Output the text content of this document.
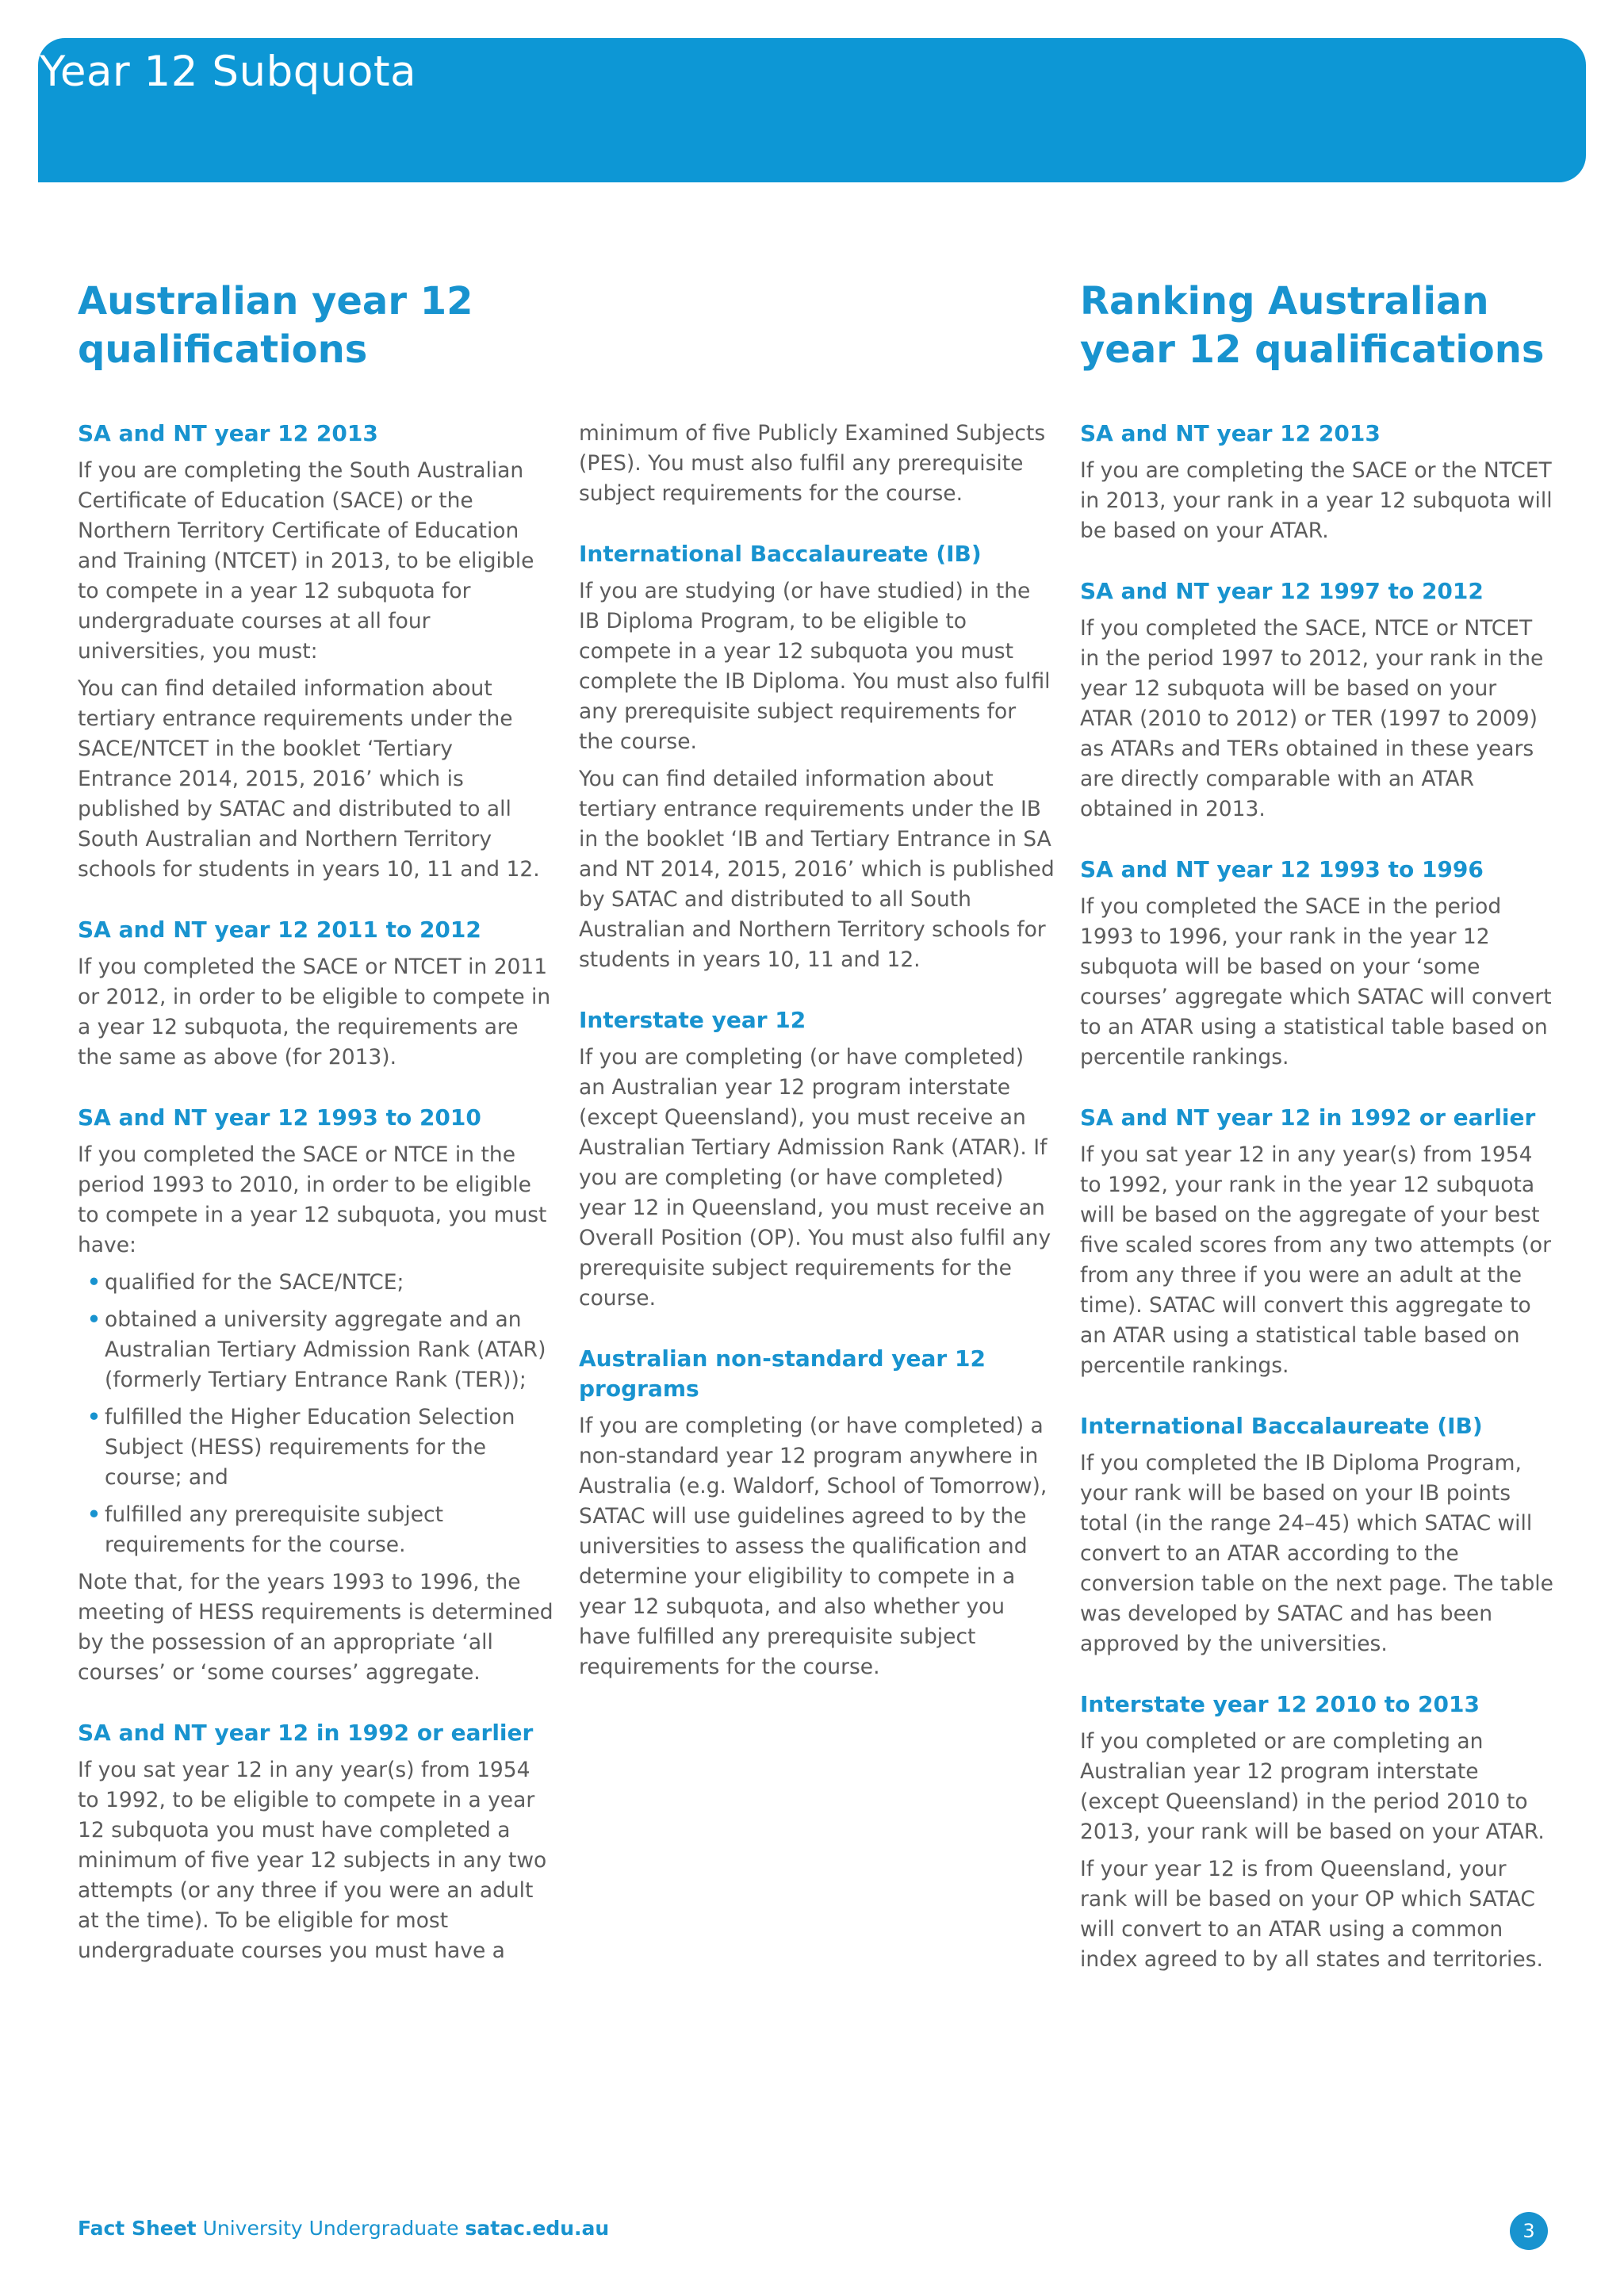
Year 12 Subquota
Australian year 12
qualifications
Ranking Australian
year 12 qualifications
SA and NT year 12 2013

If you are completing the South Australian Certificate of Education (SACE) or the Northern Territory Certificate of Education and Training (NTCET) in 2013, to be eligible to compete in a year 12 subquota for undergraduate courses at all four universities, you must:

You can find detailed information about tertiary entrance requirements under the SACE/NTCET in the booklet ‘Tertiary Entrance 2014, 2015, 2016’ which is published by SATAC and distributed to all South Australian and Northern Territory schools for students in years 10, 11 and 12.

SA and NT year 12 2011 to 2012

If you completed the SACE or NTCET in 2011 or 2012, in order to be eligible to compete in a year 12 subquota, the requirements are the same as above (for 2013).

SA and NT year 12 1993 to 2010

If you completed the SACE or NTCE in the period 1993 to 2010, in order to be eligible to compete in a year 12 subquota, you must have:

• qualified for the SACE/NTCE;
• obtained a university aggregate and an Australian Tertiary Admission Rank (ATAR) (formerly Tertiary Entrance Rank (TER));
• fulfilled the Higher Education Selection Subject (HESS) requirements for the course; and
• fulfilled any prerequisite subject requirements for the course.

Note that, for the years 1993 to 1996, the meeting of HESS requirements is determined by the possession of an appropriate ‘all courses’ or ‘some courses’ aggregate.

SA and NT year 12 in 1992 or earlier

If you sat year 12 in any year(s) from 1954 to 1992, to be eligible to compete in a year 12 subquota you must have completed a minimum of five year 12 subjects in any two attempts (or any three if you were an adult at the time). To be eligible for most undergraduate courses you must have a

minimum of five Publicly Examined Subjects (PES). You must also fulfil any prerequisite subject requirements for the course.

International Baccalaureate (IB)

If you are studying (or have studied) in the IB Diploma Program, to be eligible to compete in a year 12 subquota you must complete the IB Diploma. You must also fulfil any prerequisite subject requirements for the course.

You can find detailed information about tertiary entrance requirements under the IB in the booklet ‘IB and Tertiary Entrance in SA and NT 2014, 2015, 2016’ which is published by SATAC and distributed to all South Australian and Northern Territory schools for students in years 10, 11 and 12.

Interstate year 12

If you are completing (or have completed) an Australian year 12 program interstate (except Queensland), you must receive an Australian Tertiary Admission Rank (ATAR). If you are completing (or have completed) year 12 in Queensland, you must receive an Overall Position (OP). You must also fulfil any prerequisite subject requirements for the course.

Australian non-standard year 12 programs

If you are completing (or have completed) a non-standard year 12 program anywhere in Australia (e.g. Waldorf, School of Tomorrow), SATAC will use guidelines agreed to by the universities to assess the qualification and determine your eligibility to compete in a year 12 subquota, and also whether you have fulfilled any prerequisite subject requirements for the course.

SA and NT year 12 2013

If you are completing the SACE or the NTCET in 2013, your rank in a year 12 subquota will be based on your ATAR.

SA and NT year 12 1997 to 2012

If you completed the SACE, NTCE or NTCET in the period 1997 to 2012, your rank in the year 12 subquota will be based on your ATAR (2010 to 2012) or TER (1997 to 2009) as ATARs and TERs obtained in these years are directly comparable with an ATAR obtained in 2013.

SA and NT year 12 1993 to 1996

If you completed the SACE in the period 1993 to 1996, your rank in the year 12 subquota will be based on your ‘some courses’ aggregate which SATAC will convert to an ATAR using a statistical table based on percentile rankings.

SA and NT year 12 in 1992 or earlier

If you sat year 12 in any year(s) from 1954 to 1992, your rank in the year 12 subquota will be based on the aggregate of your best five scaled scores from any two attempts (or from any three if you were an adult at the time). SATAC will convert this aggregate to an ATAR using a statistical table based on percentile rankings.

International Baccalaureate (IB)

If you completed the IB Diploma Program, your rank will be based on your IB points total (in the range 24–45) which SATAC will convert to an ATAR according to the conversion table on the next page. The table was developed by SATAC and has been approved by the universities.

Interstate year 12 2010 to 2013

If you completed or are completing an Australian year 12 program interstate (except Queensland) in the period 2010 to 2013, your rank will be based on your ATAR.

If your year 12 is from Queensland, your rank will be based on your OP which SATAC will convert to an ATAR using a common index agreed to by all states and territories.

Fact Sheet University Undergraduate satac.edu.au	3
